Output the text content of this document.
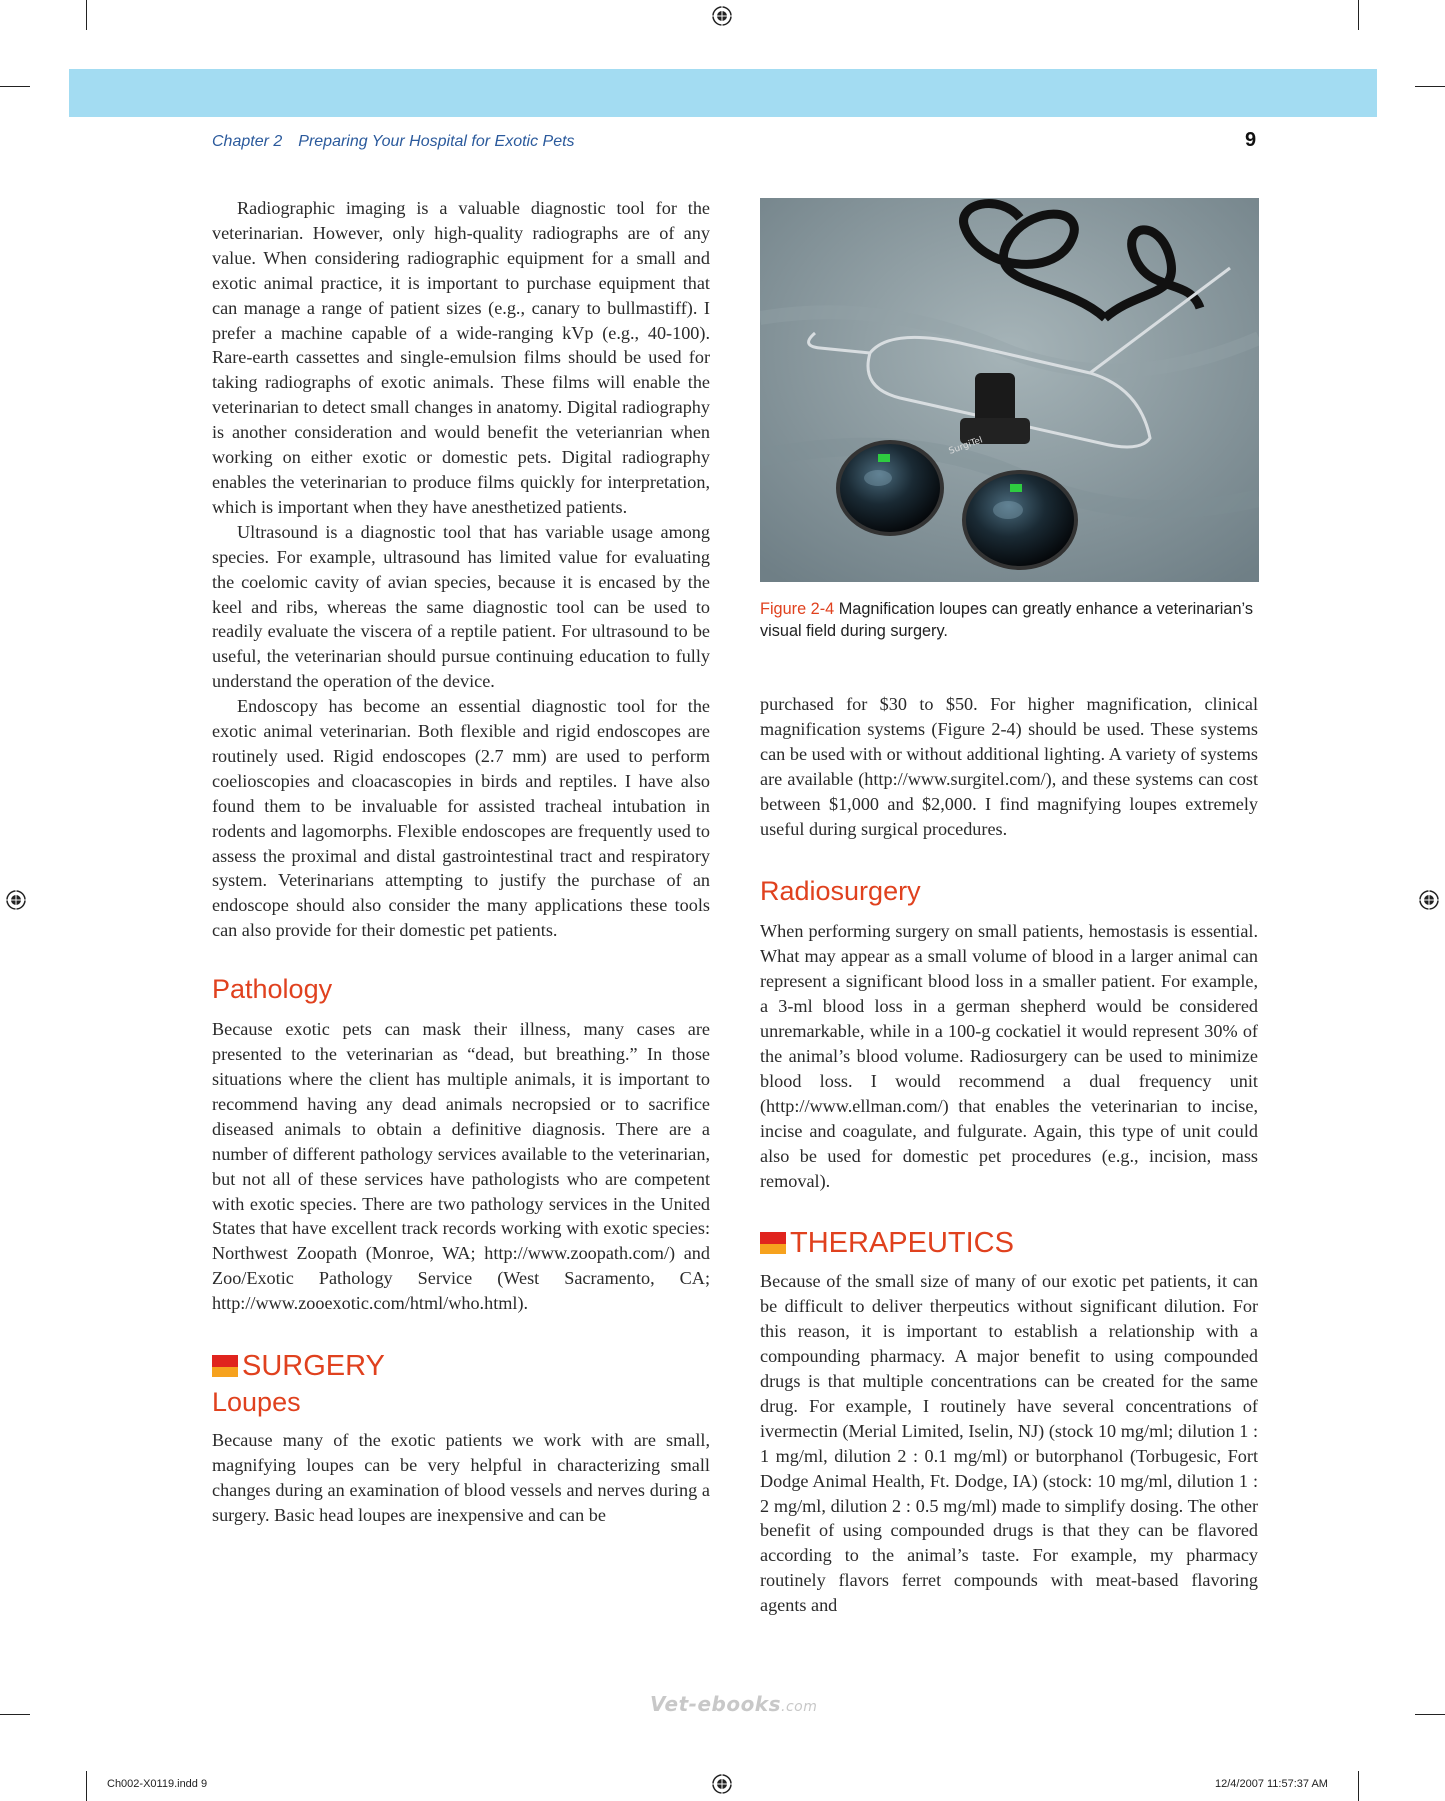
Chapter 2 Preparing Your Hospital for Exotic Pets	9

Radiographic imaging is a valuable diagnostic tool for the veterinarian. However, only high-quality radiographs are of any value. When considering radiographic equipment for a small and exotic animal practice, it is important to purchase equipment that can manage a range of patient sizes (e.g., canary to bullmastiff). I prefer a machine capable of a wide-ranging kVp (e.g., 40-100). Rare-earth cassettes and single-emulsion films should be used for taking radiographs of exotic animals. These films will enable the veterinarian to detect small changes in anatomy. Digital radiography is another consideration and would benefit the veterianrian when working on either exotic or domestic pets. Digital radiography enables the veterinarian to produce films quickly for interpretation, which is important when they have anesthetized patients.

Ultrasound is a diagnostic tool that has variable usage among species. For example, ultrasound has limited value for evaluating the coelomic cavity of avian species, because it is encased by the keel and ribs, whereas the same diagnostic tool can be used to readily evaluate the viscera of a reptile patient. For ultrasound to be useful, the veterinarian should pursue continuing education to fully understand the operation of the device.

Endoscopy has become an essential diagnostic tool for the exotic animal veterinarian. Both flexible and rigid endoscopes are routinely used. Rigid endoscopes (2.7 mm) are used to perform coelioscopies and cloacascopies in birds and reptiles. I have also found them to be invaluable for assisted tracheal intubation in rodents and lagomorphs. Flexible endoscopes are frequently used to assess the proximal and distal gastrointestinal tract and respiratory system. Veterinarians attempting to justify the purchase of an endoscope should also consider the many applications these tools can also provide for their domestic pet patients.

Pathology

Because exotic pets can mask their illness, many cases are presented to the veterinarian as “dead, but breathing.” In those situations where the client has multiple animals, it is important to recommend having any dead animals necropsied or to sacrifice diseased animals to obtain a definitive diagnosis. There are a number of different pathology services available to the veterinarian, but not all of these services have pathologists who are competent with exotic species. There are two pathology services in the United States that have excellent track records working with exotic species: Northwest Zoopath (Monroe, WA; http://www.zoopath.com/) and Zoo/Exotic Pathology Service (West Sacramento, CA; http://www.zooexotic.com/html/who.html).

SURGERY
Loupes

Because many of the exotic patients we work with are small, magnifying loupes can be very helpful in characterizing small changes during an examination of blood vessels and nerves during a surgery. Basic head loupes are inexpensive and can be

SurgiTel
Figure 2-4 Magnification loupes can greatly enhance a veterinarian’s visual field during surgery.

purchased for $30 to $50. For higher magnification, clinical magnification systems (Figure 2-4) should be used. These systems can be used with or without additional lighting. A variety of systems are available (http://www.surgitel.com/), and these systems can cost between $1,000 and $2,000. I find magnifying loupes extremely useful during surgical procedures.

Radiosurgery

When performing surgery on small patients, hemostasis is essential. What may appear as a small volume of blood in a larger animal can represent a significant blood loss in a smaller patient. For example, a 3-ml blood loss in a german shepherd would be considered unremarkable, while in a 100-g cockatiel it would represent 30% of the animal’s blood volume. Radiosurgery can be used to minimize blood loss. I would recommend a dual frequency unit (http://www.ellman.com/) that enables the veterinarian to incise, incise and coagulate, and fulgurate. Again, this type of unit could also be used for domestic pet procedures (e.g., incision, mass removal).

THERAPEUTICS

Because of the small size of many of our exotic pet patients, it can be difficult to deliver therpeutics without significant dilution. For this reason, it is important to establish a relationship with a compounding pharmacy. A major benefit to using compounded drugs is that multiple concentrations can be created for the same drug. For example, I routinely have several concentrations of ivermectin (Merial Limited, Iselin, NJ) (stock 10 mg/ml; dilution 1 : 1 mg/ml, dilution 2 : 0.1 mg/ml) or butorphanol (Torbugesic, Fort Dodge Animal Health, Ft. Dodge, IA) (stock: 10 mg/ml, dilution 1 : 2 mg/ml, dilution 2 : 0.5 mg/ml) made to simplify dosing. The other benefit of using compounded drugs is that they can be flavored according to the animal’s taste. For example, my pharmacy routinely flavors ferret compounds with meat-based flavoring agents and

Vet-ebooks.com
Ch002-X0119.indd 9	12/4/2007 11:57:37 AM
